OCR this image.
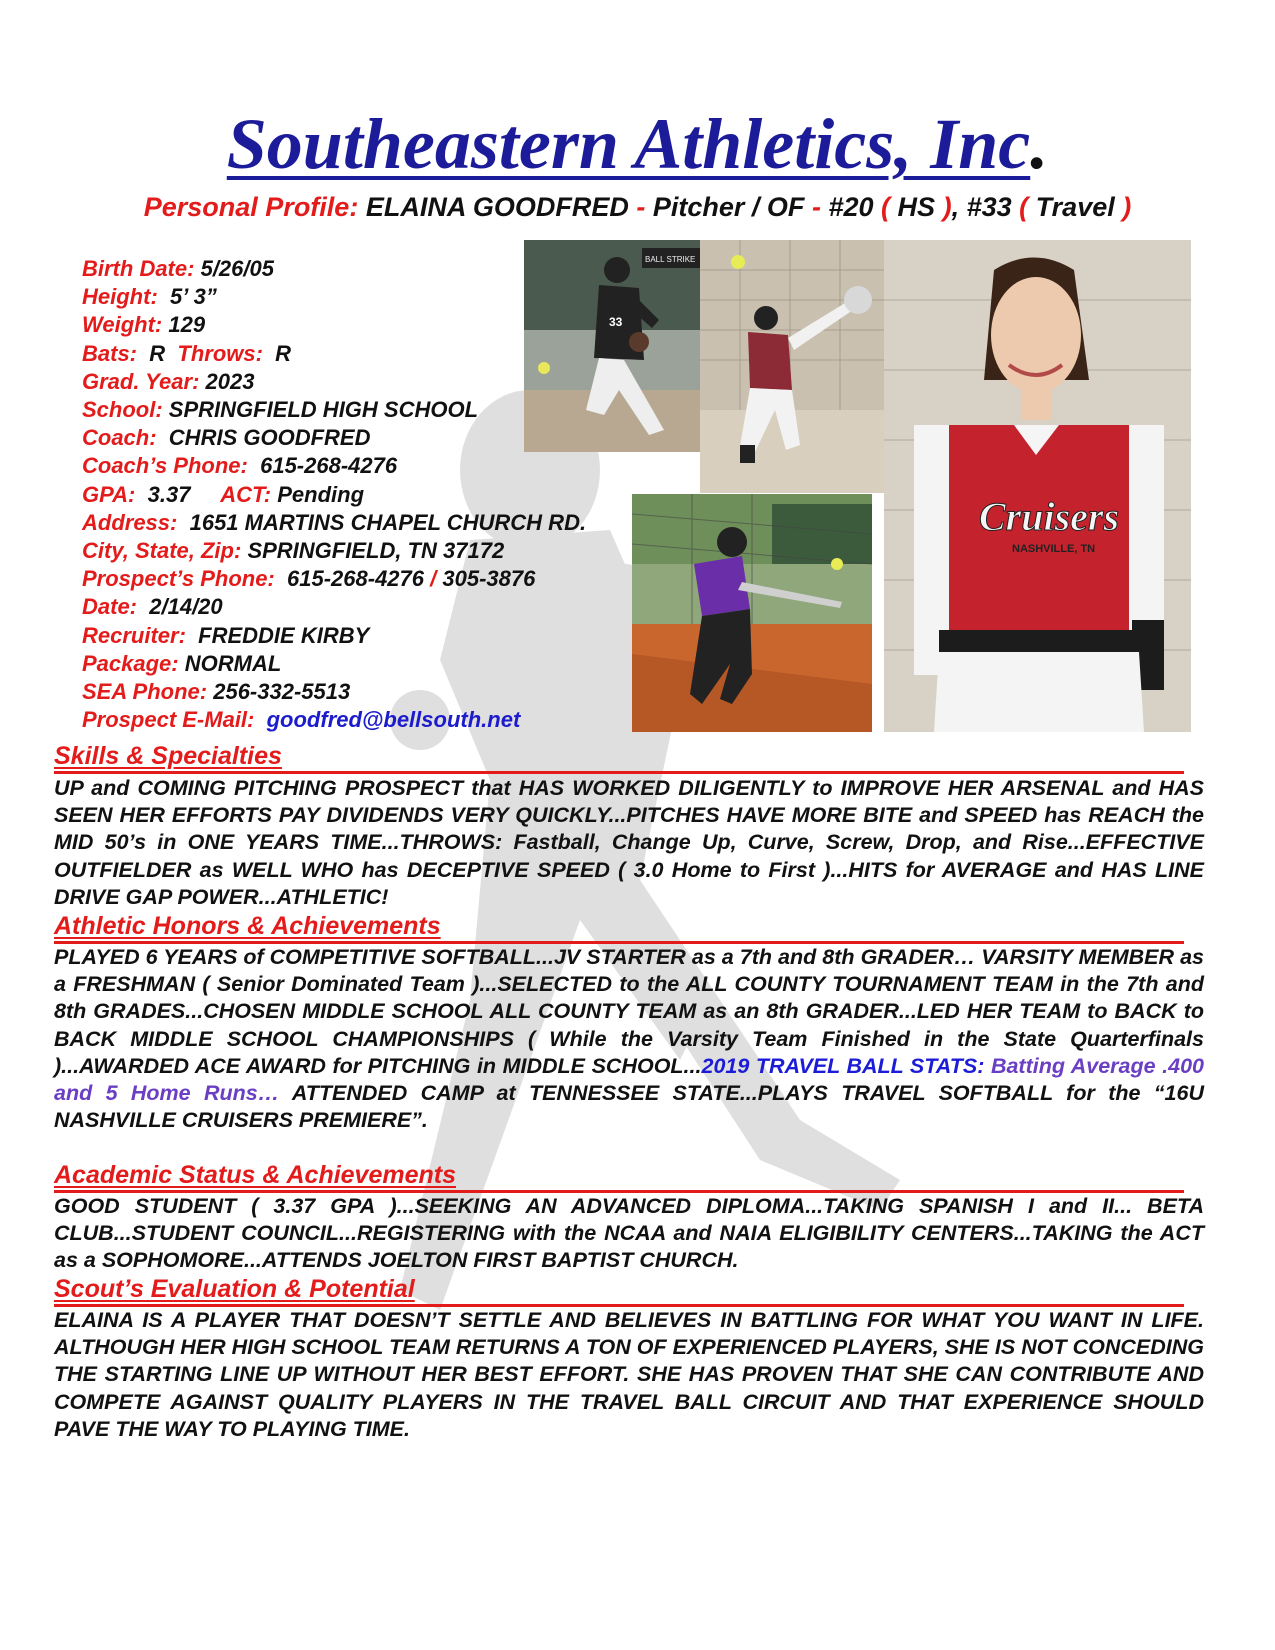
Southeastern Athletics, Inc.
Personal Profile: ELAINA GOODFRED - Pitcher / OF - #20 ( HS ), #33 ( Travel )
Birth Date: 5/26/05
Height: 5’ 3”
Weight: 129
Bats: R Throws: R
Grad. Year: 2023
School: SPRINGFIELD HIGH SCHOOL
Coach: CHRIS GOODFRED
Coach’s Phone: 615-268-4276
GPA: 3.37 ACT: Pending
Address: 1651 MARTINS CHAPEL CHURCH RD.
City, State, Zip: SPRINGFIELD, TN 37172
Prospect’s Phone: 615-268-4276 / 305-3876
Date: 2/14/20
Recruiter: FREDDIE KIRBY
Package: NORMAL
SEA Phone: 256-332-5513
Prospect E-Mail: goodfred@bellsouth.net
BALL STRIKE
33
Cruisers
NASHVILLE, TN
Skills & Specialties
UP and COMING PITCHING PROSPECT that HAS WORKED DILIGENTLY to IMPROVE HER ARSENAL and HAS SEEN HER EFFORTS PAY DIVIDENDS VERY QUICKLY...PITCHES HAVE MORE BITE and SPEED has REACH the MID 50’s in ONE YEARS TIME...THROWS: Fastball, Change Up, Curve, Screw, Drop, and Rise...EFFECTIVE OUTFIELDER as WELL WHO has DECEPTIVE SPEED ( 3.0 Home to First )...HITS for AVERAGE and HAS LINE DRIVE GAP POWER...ATHLETIC!
Athletic Honors & Achievements
PLAYED 6 YEARS of COMPETITIVE SOFTBALL...JV STARTER as a 7th and 8th GRADER… VARSITY MEMBER as a FRESHMAN ( Senior Dominated Team )...SELECTED to the ALL COUNTY TOURNAMENT TEAM in the 7th and 8th GRADES...CHOSEN MIDDLE SCHOOL ALL COUNTY TEAM as an 8th GRADER...LED HER TEAM to BACK to BACK MIDDLE SCHOOL CHAMPIONSHIPS ( While the Varsity Team Finished in the State Quarterfinals )...AWARDED ACE AWARD for PITCHING in MIDDLE SCHOOL...2019 TRAVEL BALL STATS: Batting Average .400 and 5 Home Runs… ATTENDED CAMP at TENNESSEE STATE...PLAYS TRAVEL SOFTBALL for the “16U NASHVILLE CRUISERS PREMIERE”.
Academic Status & Achievements
GOOD STUDENT ( 3.37 GPA )...SEEKING AN ADVANCED DIPLOMA...TAKING SPANISH I and II... BETA CLUB...STUDENT COUNCIL...REGISTERING with the NCAA and NAIA ELIGIBILITY CENTERS...TAKING the ACT as a SOPHOMORE...ATTENDS JOELTON FIRST BAPTIST CHURCH.
Scout’s Evaluation & Potential
ELAINA IS A PLAYER THAT DOESN’T SETTLE AND BELIEVES IN BATTLING FOR WHAT YOU WANT IN LIFE. ALTHOUGH HER HIGH SCHOOL TEAM RETURNS A TON OF EXPERIENCED PLAYERS, SHE IS NOT CONCEDING THE STARTING LINE UP WITHOUT HER BEST EFFORT. SHE HAS PROVEN THAT SHE CAN CONTRIBUTE AND COMPETE AGAINST QUALITY PLAYERS IN THE TRAVEL BALL CIRCUIT AND THAT EXPERIENCE SHOULD PAVE THE WAY TO PLAYING TIME.
